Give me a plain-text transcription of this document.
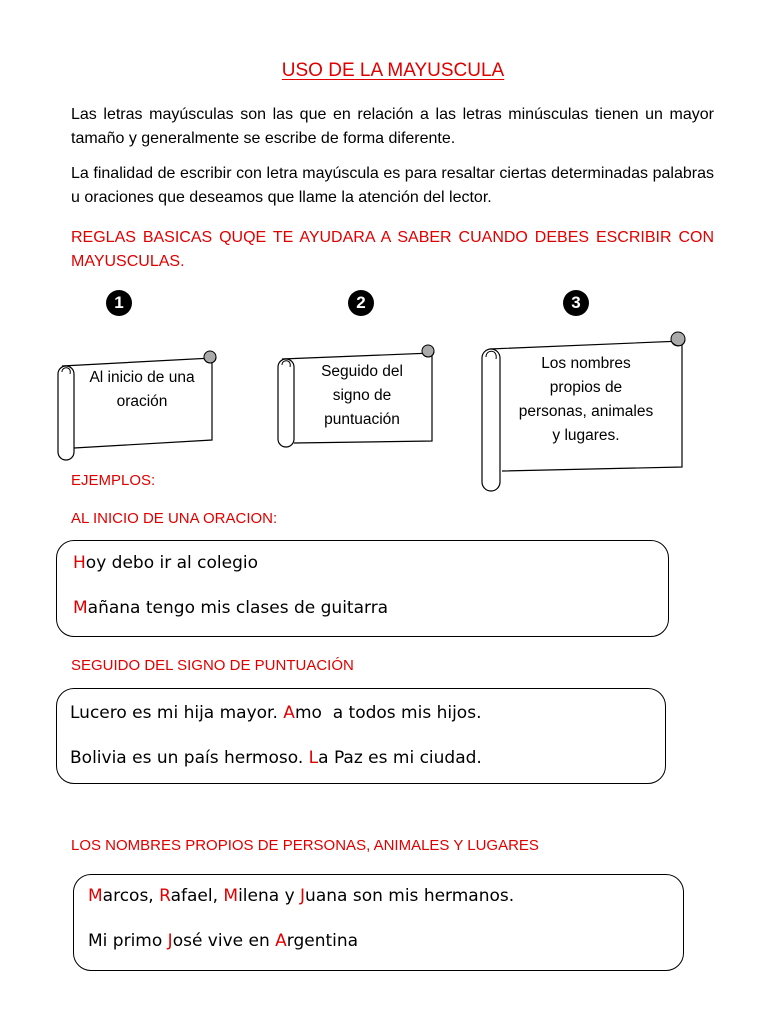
USO DE LA MAYUSCULA
Las letras mayúsculas son las que en relación a las letras minúsculas tienen un mayor tamaño y generalmente se escribe de forma diferente.
La finalidad de escribir con letra mayúscula es para resaltar ciertas determinadas palabras u oraciones que deseamos que llame la atención del lector.
REGLAS BASICAS QUQE TE AYUDARA A SABER CUANDO DEBES ESCRIBIR CON MAYUSCULAS.
1	2	3
Al inicio de una
oración
Seguido del
signo de
puntuación
Los nombres
propios de
personas, animales
y lugares.
EJEMPLOS:
AL INICIO DE UNA ORACION:
Hoy debo ir al colegio
Mañana tengo mis clases de guitarra
SEGUIDO DEL SIGNO DE PUNTUACIÓN
Lucero es mi hija mayor. Amo  a todos mis hijos.
Bolivia es un país hermoso. La Paz es mi ciudad.
LOS NOMBRES PROPIOS DE PERSONAS, ANIMALES Y LUGARES
Marcos, Rafael, Milena y Juana son mis hermanos.
Mi primo José vive en Argentina
